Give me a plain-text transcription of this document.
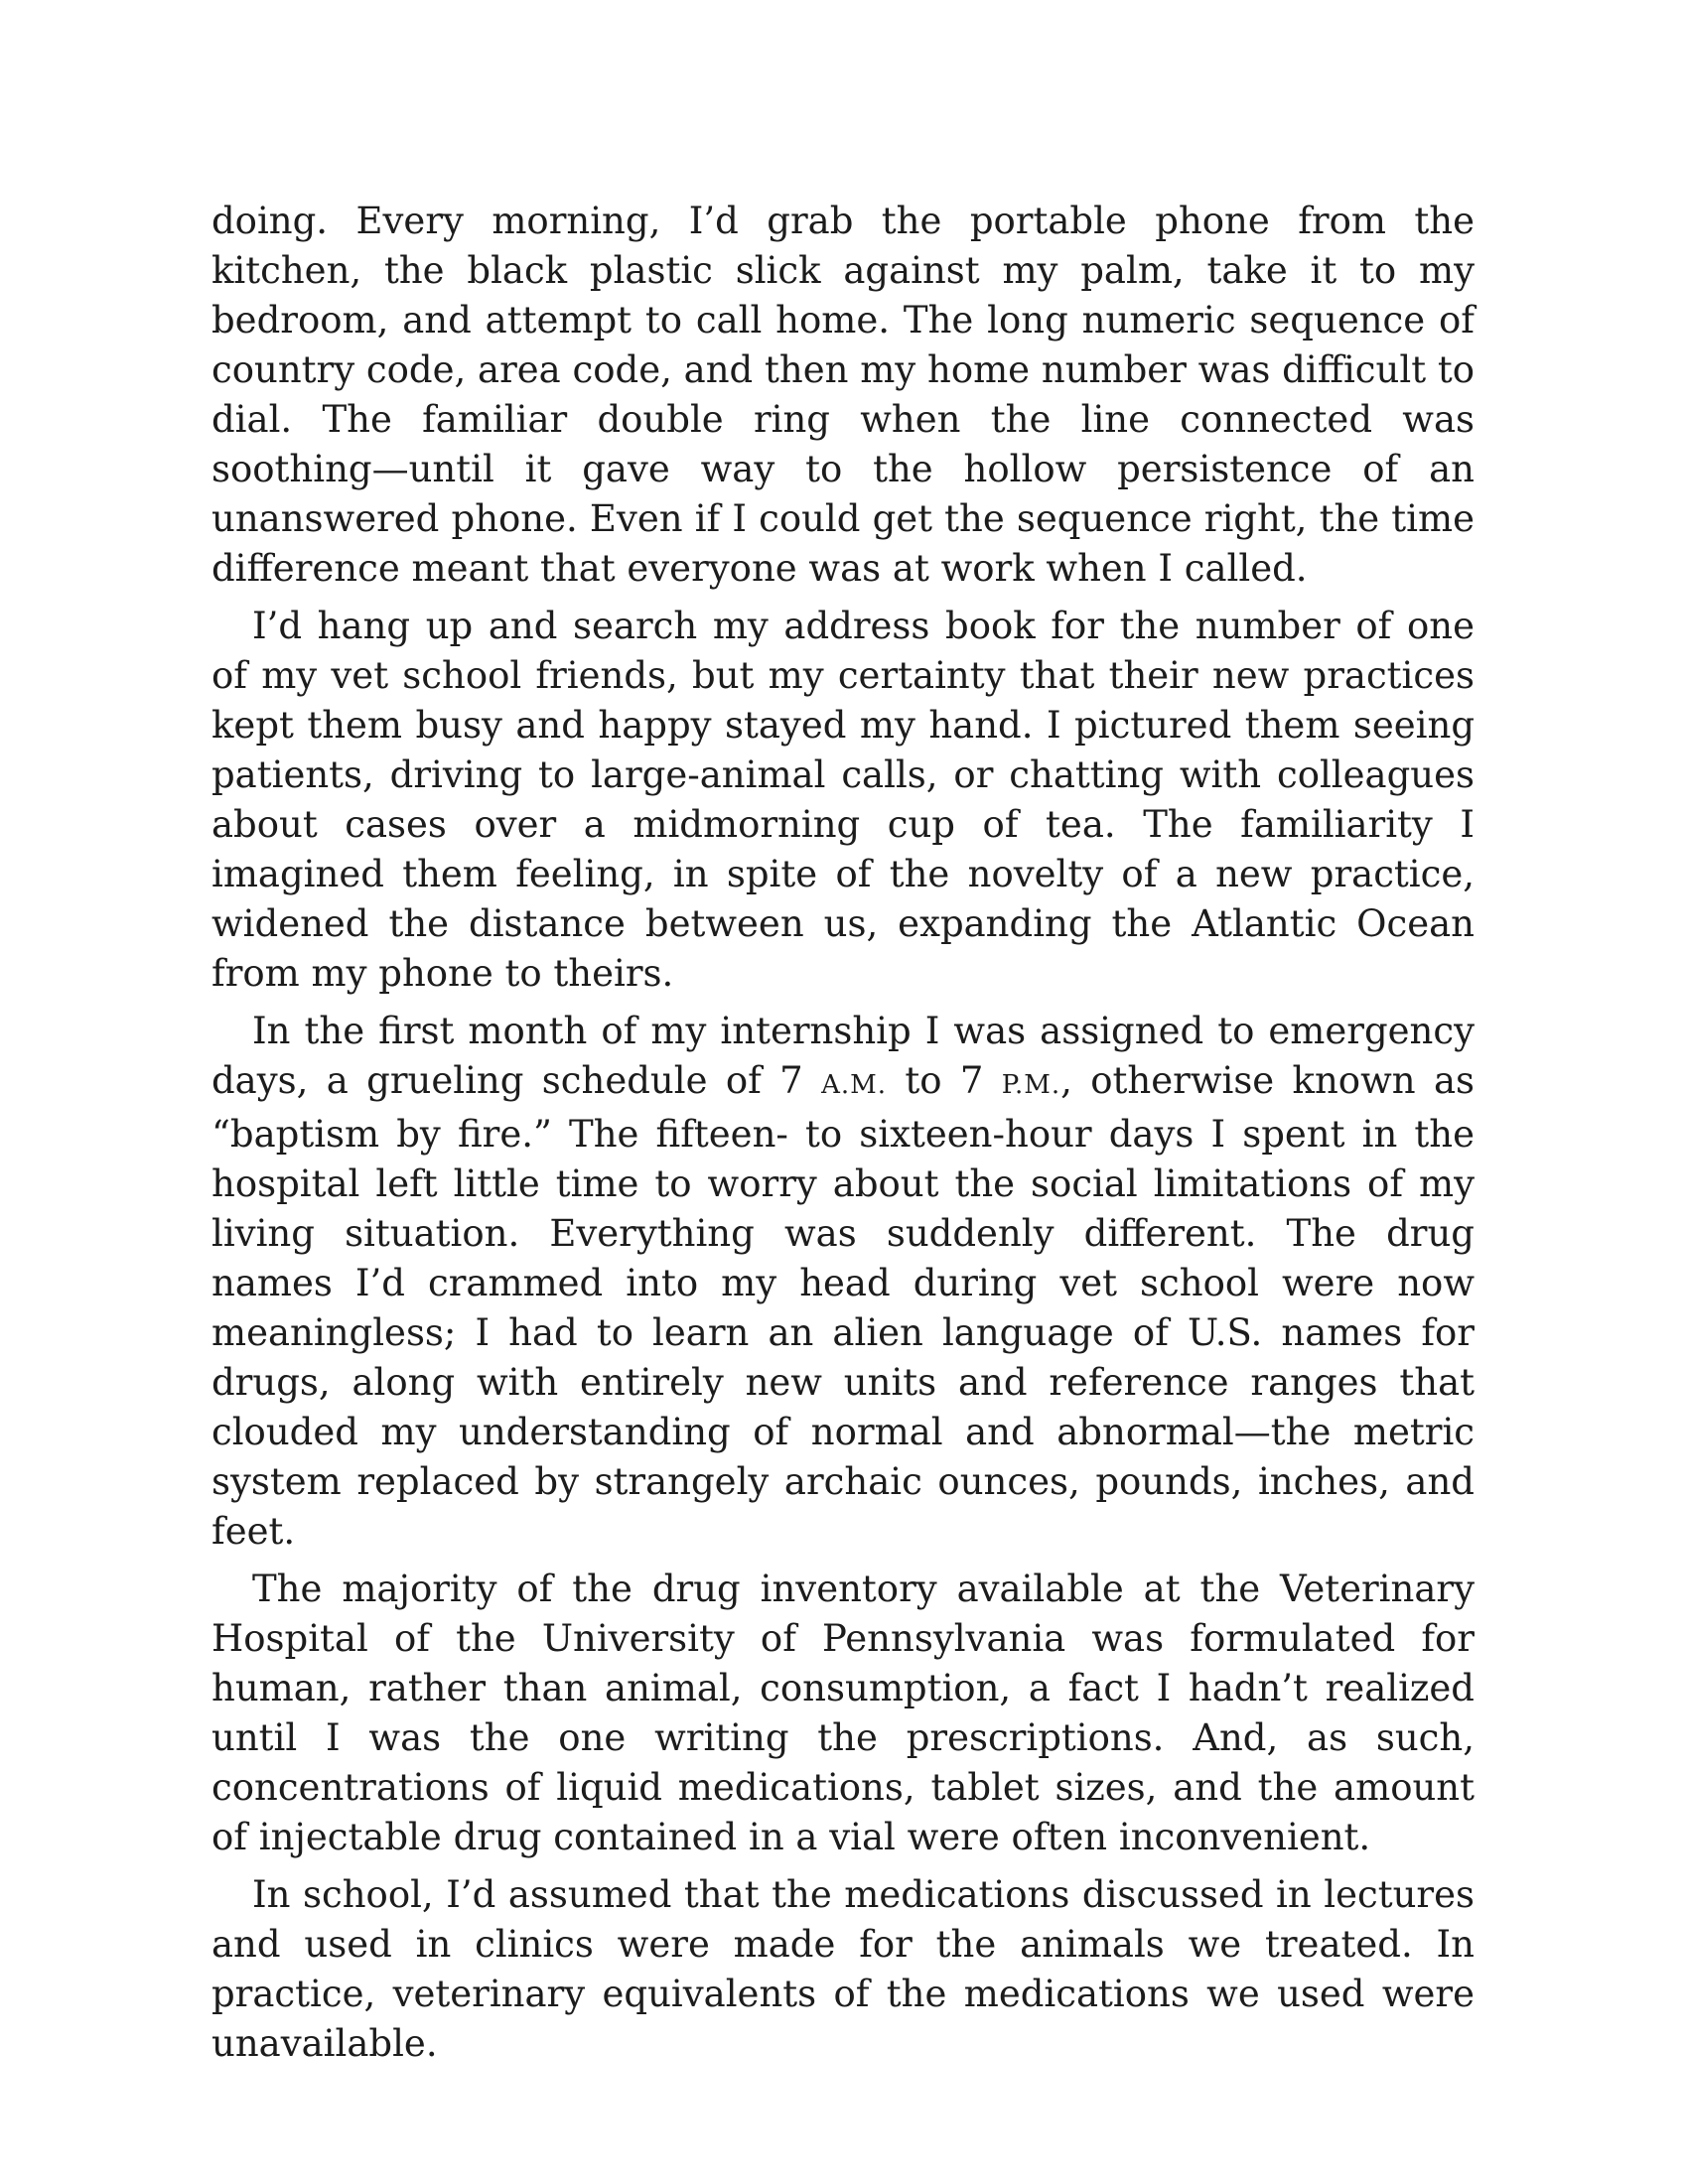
doing. Every morning, I’d grab the portable phone from the kitchen, the black plastic slick against my palm, take it to my bedroom, and attempt to call home. The long numeric sequence of country code, area code, and then my home number was difficult to dial. The familiar double ring when the line connected was soothing—until it gave way to the hollow persistence of an unanswered phone. Even if I could get the sequence right, the time difference meant that everyone was at work when I called.

I’d hang up and search my address book for the number of one of my vet school friends, but my certainty that their new practices kept them busy and happy stayed my hand. I pictured them seeing patients, driving to large-animal calls, or chatting with colleagues about cases over a midmorning cup of tea. The familiarity I imagined them feeling, in spite of the novelty of a new practice, widened the distance between us, expanding the Atlantic Ocean from my phone to theirs.

In the first month of my internship I was assigned to emergency days, a grueling schedule of 7 A.M. to 7 P.M., otherwise known as “baptism by fire.” The fifteen- to sixteen-hour days I spent in the hospital left little time to worry about the social limitations of my living situation. Everything was suddenly different. The drug names I’d crammed into my head during vet school were now meaningless; I had to learn an alien language of U.S. names for drugs, along with entirely new units and reference ranges that clouded my understanding of normal and abnormal—the metric system replaced by strangely archaic ounces, pounds, inches, and feet.

The majority of the drug inventory available at the Veterinary Hospital of the University of Pennsylvania was formulated for human, rather than animal, consumption, a fact I hadn’t realized until I was the one writing the prescriptions. And, as such, concentrations of liquid medications, tablet sizes, and the amount of injectable drug contained in a vial were often inconvenient.

In school, I’d assumed that the medications discussed in lectures and used in clinics were made for the animals we treated. In practice, veterinary equivalents of the medications we used were unavailable.
